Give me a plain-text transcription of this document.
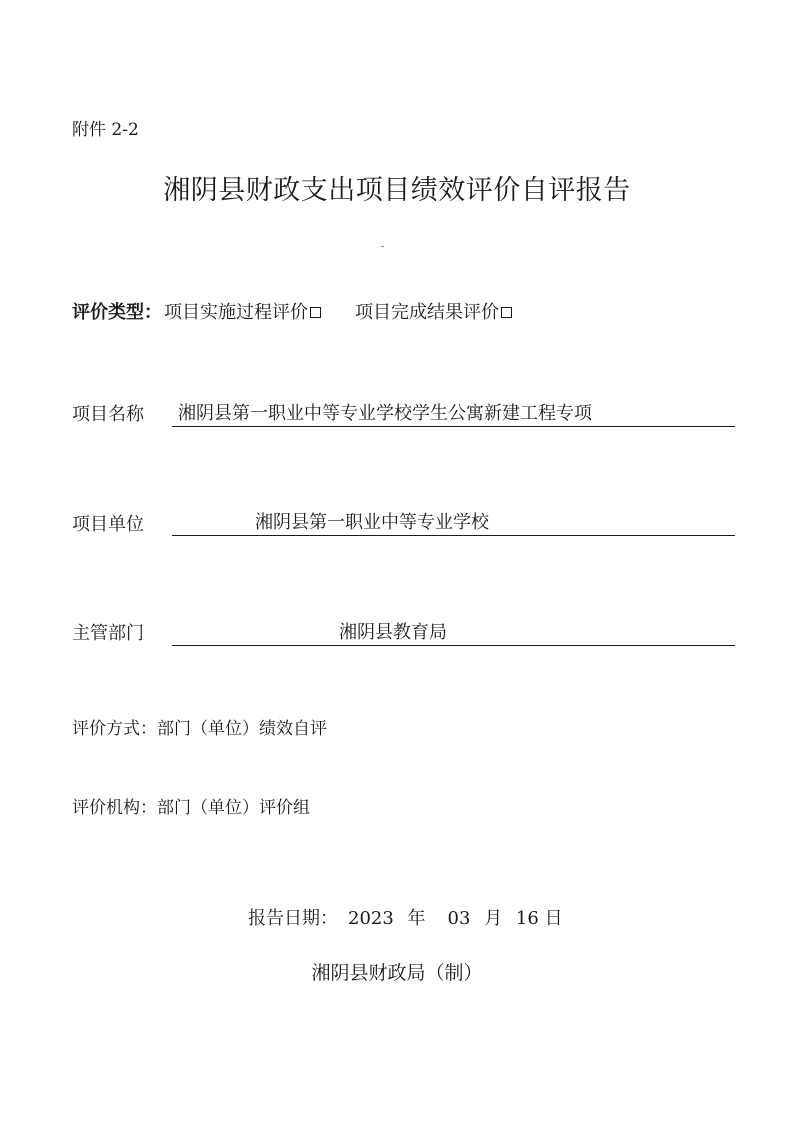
附件 2-2
湘阴县财政支出项目绩效评价自评报告
评价类型： 项目实施过程评价	项目完成结果评价
项目名称 湘阴县第一职业中等专业学校学生公寓新建工程专项
项目单位	湘阴县第一职业中等专业学校
主管部门	湘阴县教育局
评价方式：部门（单位）绩效自评
评价机构：部门（单位）评价组
报告日期： 2023 年 03 月 16 日
湘阴县财政局（制）
